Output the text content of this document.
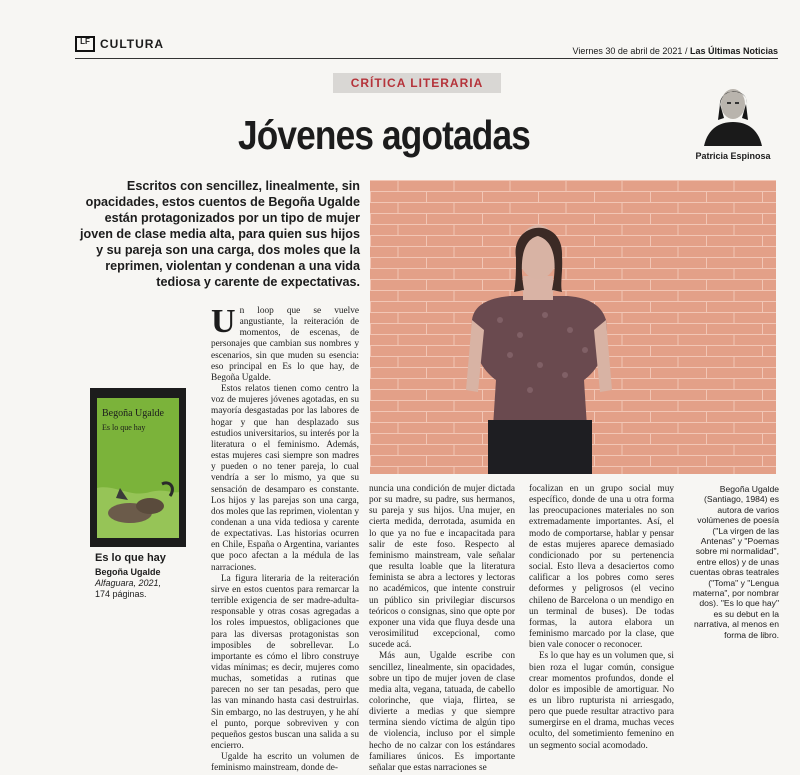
LF CULTURA	Viernes 30 de abril de 2021 / Las Últimas Noticias
CRÍTICA LITERARIA
Jóvenes agotadas	Patricia Espinosa
Escritos con sencillez, linealmente, sin opacidades, estos cuentos de Begoña Ugalde están protagonizados por un tipo de mujer joven de clase media alta, para quien sus hijos y su pareja son una carga, dos moles que la reprimen, violentan y condenan a una vida tediosa y carente de expectativas.
Begoña Ugalde
Es lo que hay
Es lo que hay
Begoña Ugalde
Alfaguara, 2021,
174 páginas.
U n loop que se vuelve angustiante, la reiteración de momentos, de escenas, de personajes que cambian sus nombres y escenarios, sin que muden su esencia: eso principal en Es lo que hay, de Begoña Ugalde.

Estos relatos tienen como centro la voz de mujeres jóvenes agotadas, en su mayoría desgastadas por las labores de hogar y que han desplazado sus estudios universitarios, su interés por la literatura o el feminismo. Además, estas mujeres casi siempre son madres y pueden o no tener pareja, lo cual vendría a ser lo mismo, ya que su sensación de desamparo es constante. Los hijos y las parejas son una carga, dos moles que las reprimen, violentan y condenan a una vida tediosa y carente de expectativas. Las historias ocurren en Chile, España o Argentina, variantes que poco afectan a la médula de las narraciones.

La figura literaria de la reiteración sirve en estos cuentos para remarcar la terrible exigencia de ser madre-adulta-responsable y otras cosas agregadas a los roles impuestos, obligaciones que para las diversas protagonistas son imposibles de sobrellevar. Lo importante es cómo el libro construye vidas mínimas; es decir, mujeres como muchas, sometidas a rutinas que parecen no ser tan pesadas, pero que las van minando hasta casi destruirlas. Sin embargo, no las destruyen, y he ahí el punto, porque sobreviven y con pequeños gestos buscan una salida a su encierro.

Ugalde ha escrito un volumen de feminismo mainstream, donde de-

nuncia una condición de mujer dictada por su madre, su padre, sus hermanos, su pareja y sus hijos. Una mujer, en cierta medida, derrotada, asumida en lo que ya no fue e incapacitada para salir de este foso. Respecto al feminismo mainstream, vale señalar que resulta loable que la literatura feminista se abra a lectores y lectoras no académicos, que intente construir un público sin privilegiar discursos teóricos o consignas, sino que opte por exponer una vida que fluya desde una verosimilitud excepcional, como sucede acá.

Más aun, Ugalde escribe con sencillez, linealmente, sin opacidades, sobre un tipo de mujer joven de clase media alta, vegana, tatuada, de cabello colorinche, que viaja, flirtea, se divierte a medias y que siempre termina siendo víctima de algún tipo de violencia, incluso por el simple hecho de no calzar con los estándares familiares únicos. Es importante señalar que estas narraciones se

focalizan en un grupo social muy específico, donde de una u otra forma las preocupaciones materiales no son extremadamente importantes. Así, el modo de comportarse, hablar y pensar de estas mujeres aparece demasiado condicionado por su pertenencia social. Esto lleva a desaciertos como calificar a los pobres como seres deformes y peligrosos (el vecino chileno de Barcelona o un mendigo en un terminal de buses). De todas formas, la autora elabora un feminismo marcado por la clase, que bien vale conocer o reconocer.

Es lo que hay es un volumen que, si bien roza el lugar común, consigue crear momentos profundos, donde el dolor es imposible de amortiguar. No es un libro rupturista ni arriesgado, pero que puede resultar atractivo para sumergirse en el drama, muchas veces oculto, del sometimiento femenino en un segmento social acomodado.

Begoña Ugalde (Santiago, 1984) es autora de varios volúmenes de poesía ("La virgen de las Antenas" y "Poemas sobre mi normalidad", entre ellos) y de unas cuentas obras teatrales ("Toma" y "Lengua materna", por nombrar dos). "Es lo que hay" es su debut en la narrativa, al menos en forma de libro.
